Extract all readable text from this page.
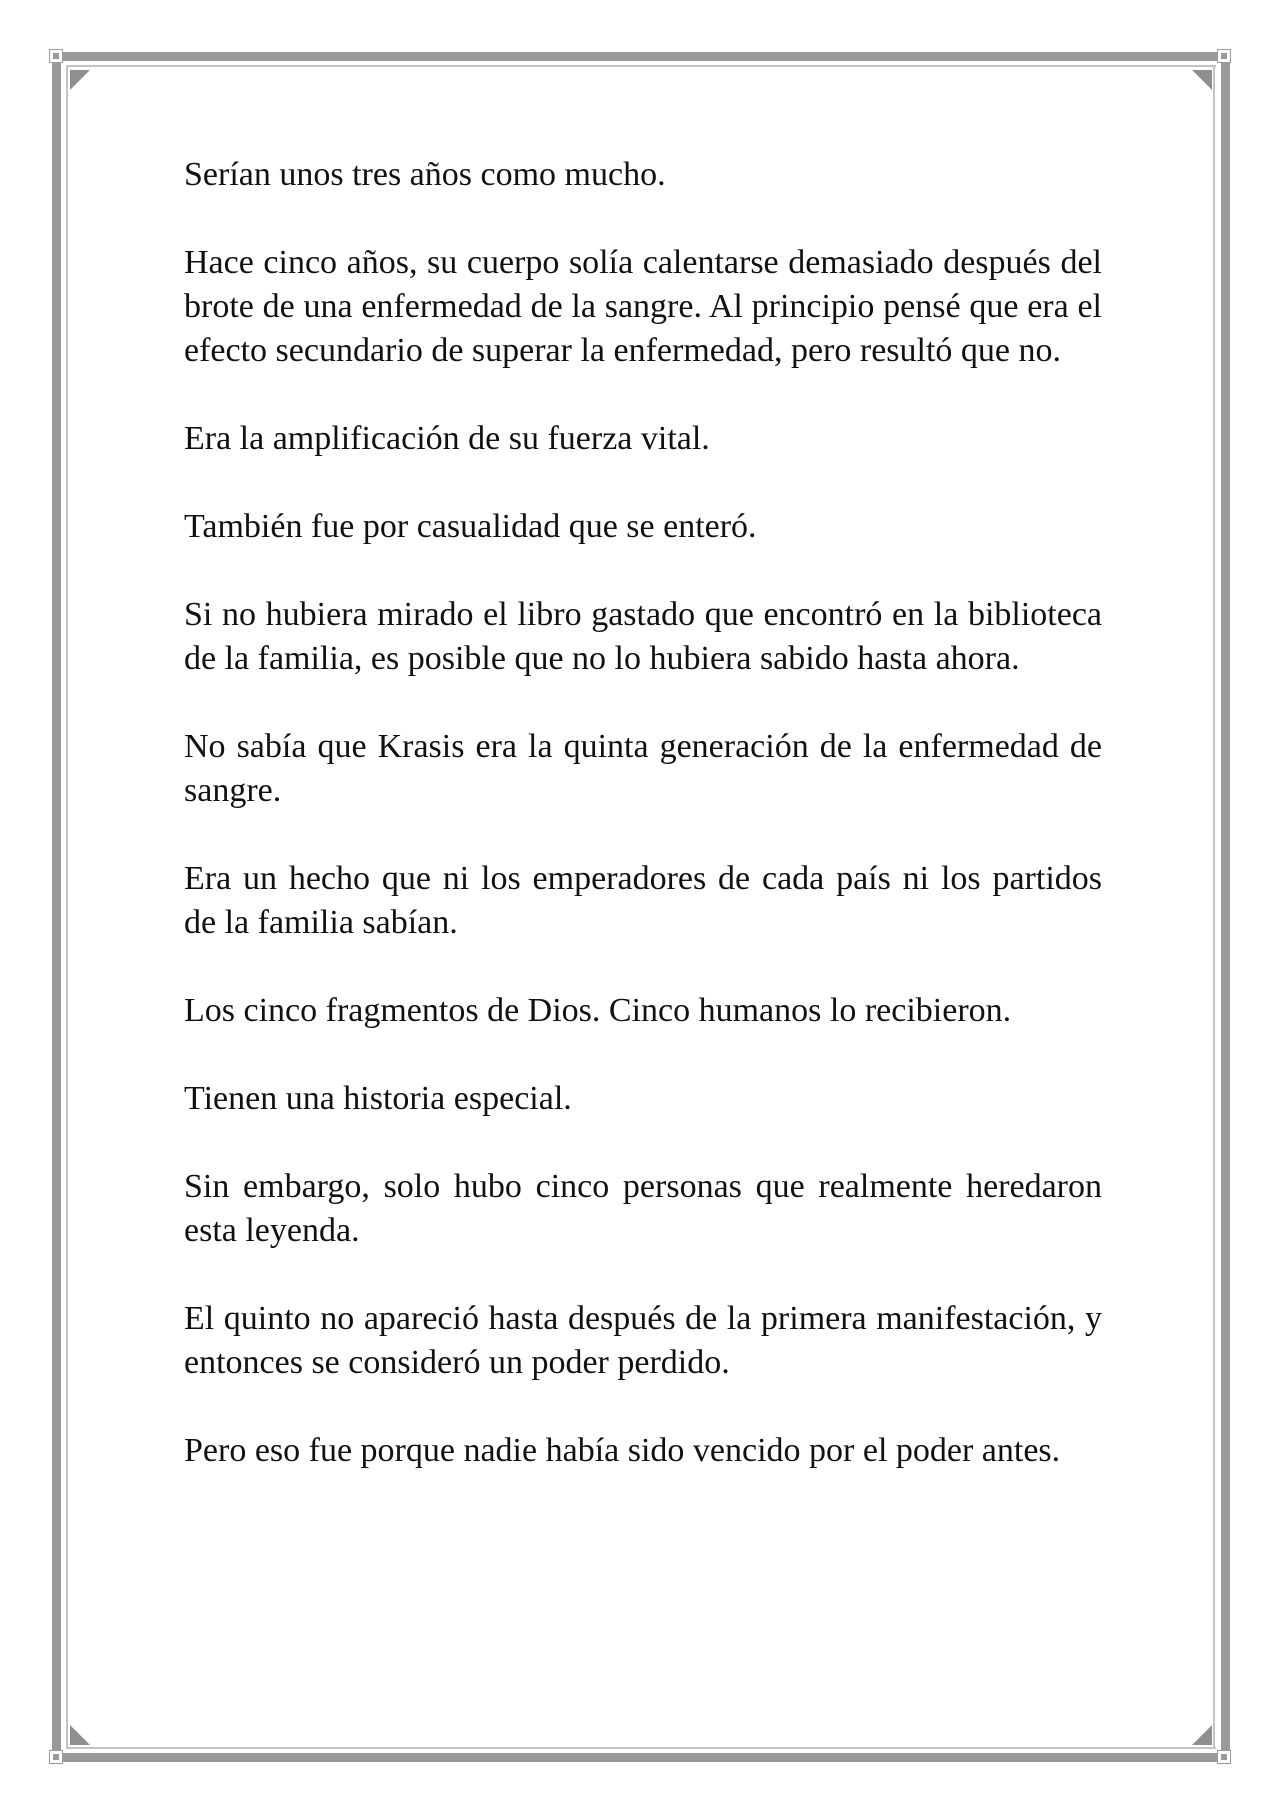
Serían unos tres años como mucho.

Hace cinco años, su cuerpo solía calentarse demasiado después del brote de una enfermedad de la sangre. Al principio pensé que era el efecto secundario de superar la enfermedad, pero resultó que no.

Era la amplificación de su fuerza vital.

También fue por casualidad que se enteró.

Si no hubiera mirado el libro gastado que encontró en la biblioteca de la familia, es posible que no lo hubiera sabido hasta ahora.

No sabía que Krasis era la quinta generación de la enfermedad de sangre.

Era un hecho que ni los emperadores de cada país ni los partidos de la familia sabían.

Los cinco fragmentos de Dios. Cinco humanos lo recibieron.

Tienen una historia especial.

Sin embargo, solo hubo cinco personas que realmente heredaron esta leyenda.

El quinto no apareció hasta después de la primera manifestación, y entonces se consideró un poder perdido.

Pero eso fue porque nadie había sido vencido por el poder antes.
